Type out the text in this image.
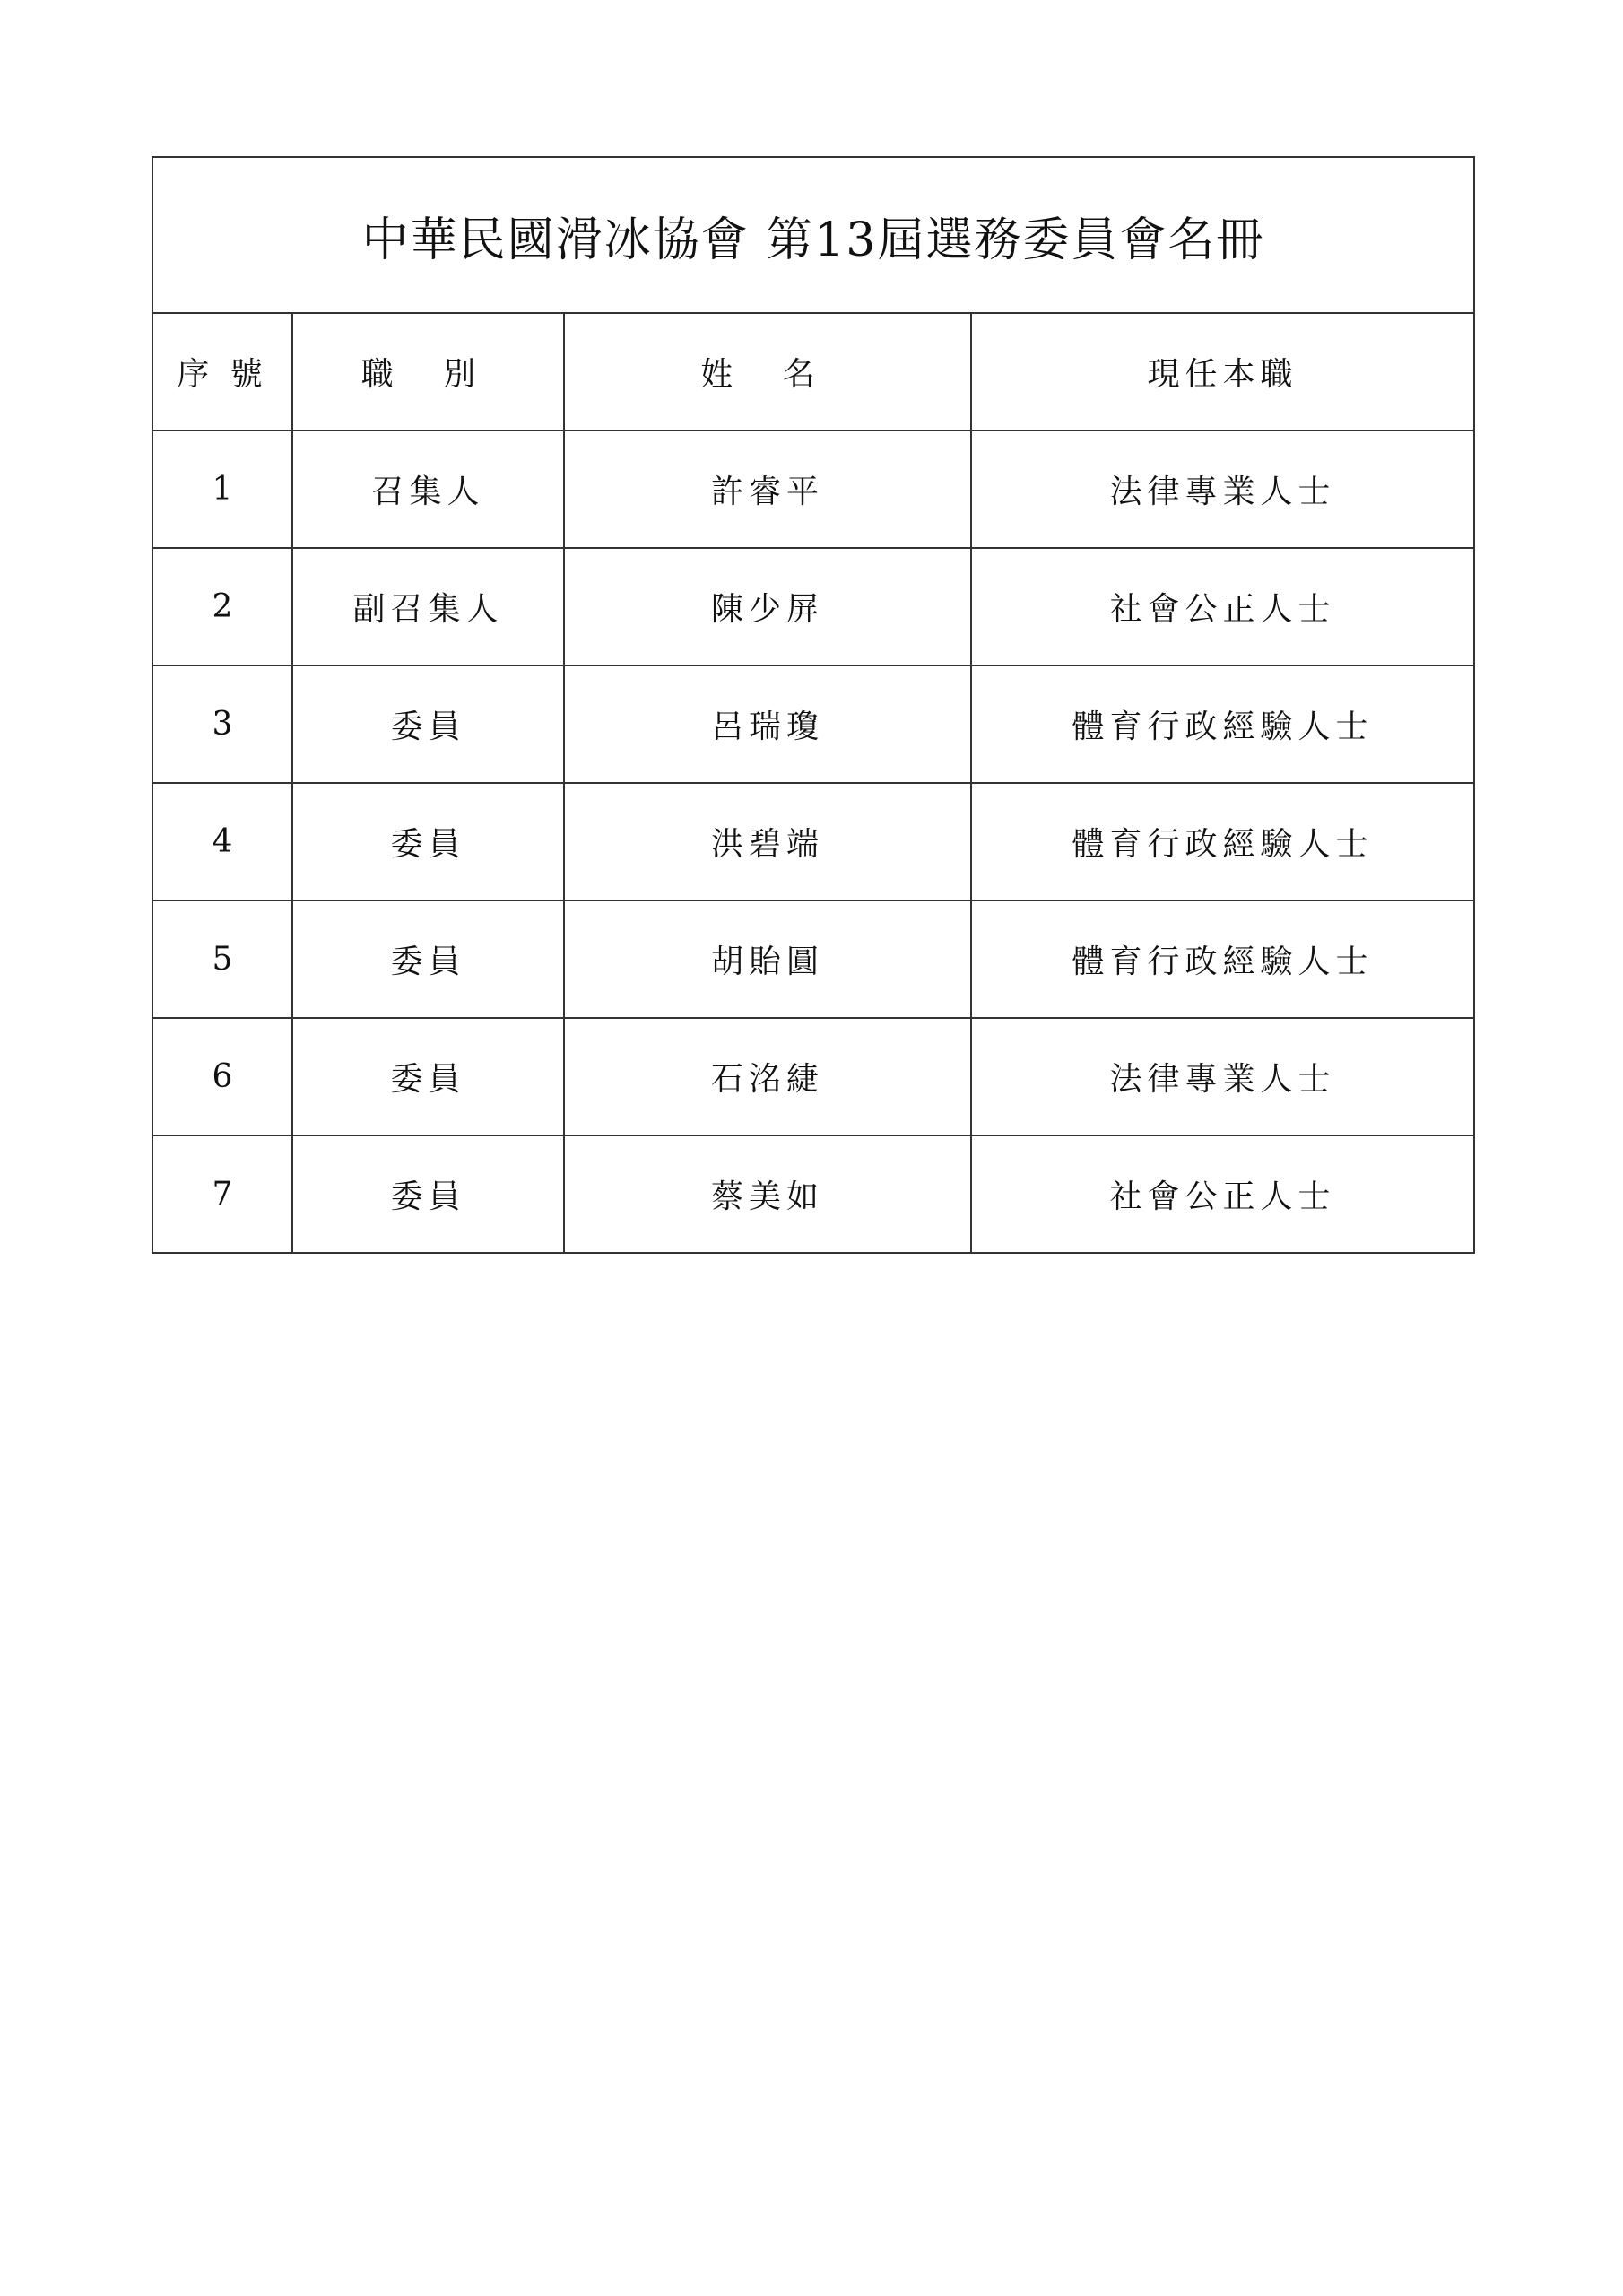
中華民國滑冰協會 第13屆選務委員會名冊			
序 號	職 別	姓 名	現任本職
1	召集人	許睿平	法律專業人士
2	副召集人	陳少屏	社會公正人士
3	委員	呂瑞瓊	體育行政經驗人士
4	委員	洪碧端	體育行政經驗人士
5	委員	胡貽圓	體育行政經驗人士
6	委員	石洺緁	法律專業人士
7	委員	蔡美如	社會公正人士
